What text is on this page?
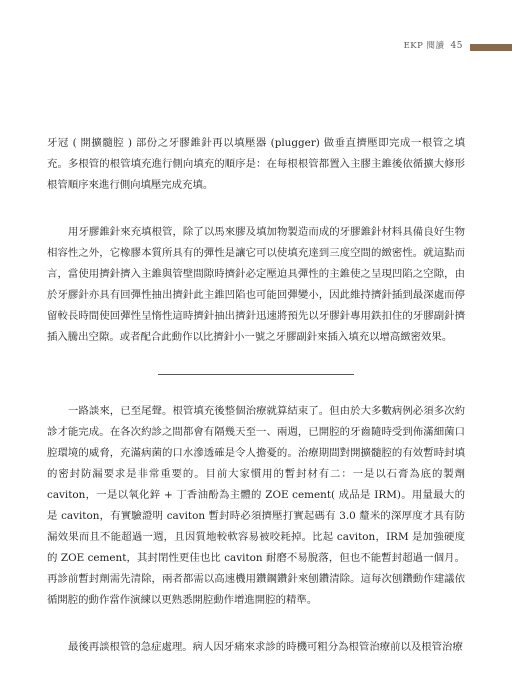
EKP 閱讀 45

牙冠 ( 開擴髓腔 ) 部份之牙膠錐針再以填壓器 (plugger) 做垂直擠壓即完成一根管之填充。多根管的根管填充進行側向填充的順序是：在每根根管都置入主膠主錐後依循擴大修形根管順序來進行側向填壓完成充填。

用牙膠錐針來充填根管，除了以馬來膠及填加物製造而成的牙膠錐針材料具備良好生物相容性之外，它橡膠本質所具有的彈性是讓它可以使填充達到三度空間的緻密性。就這點而言，當使用擠針擠入主錐與管壁間隙時擠針必定壓迫具彈性的主錐使之呈現凹陷之空隙，由於牙膠針亦具有回彈性抽出擠針此主錐凹陷也可能回彈變小，因此維持擠針插到最深處而停留較長時間使回彈性呈惰性這時擠針抽出擠針迅速將預先以牙膠針專用鉄扣住的牙膠副針擠插入騰出空隙。或者配合此動作以比擠針小一號之牙膠副針來插入填充以增高緻密效果。

一路談來，已至尾聲。根管填充後整個治療就算結束了。但由於大多數病例必須多次約診才能完成。在各次約診之間都會有隔幾天至一、兩週，已開腔的牙齒隨時受到佈滿細菌口腔環境的威脅，充滿病菌的口水滲透確是令人擔憂的。治療期間對開擴髓腔的有效暫時封填的密封防漏要求是非常重要的。目前大家慣用的暫封材有二：一是以石膏為底的製劑 caviton，一是以氧化鋅 + 丁香油酚為主體的 ZOE cement( 成品是 IRM)。用量最大的是 caviton，有實驗證明 caviton 暫封時必須擠壓打實起碼有 3.0 釐米的深厚度才具有防漏效果而且不能超過一週，且因質地較軟容易被咬耗掉。比起 caviton，IRM 是加強硬度的 ZOE cement，其封閉性更佳也比 caviton 耐磨不易脫落，但也不能暫封超過一個月。再診前暫封劑需先清除，兩者都需以高速機用鑽鋼鑽針來刨鑽清除。這每次刨鑽動作建議依循開腔的動作當作演練以更熟悉開腔動作增進開腔的精準。

最後再談根管的急症處理。病人因牙痛來求診的時機可粗分為根管治療前以及根管治療
